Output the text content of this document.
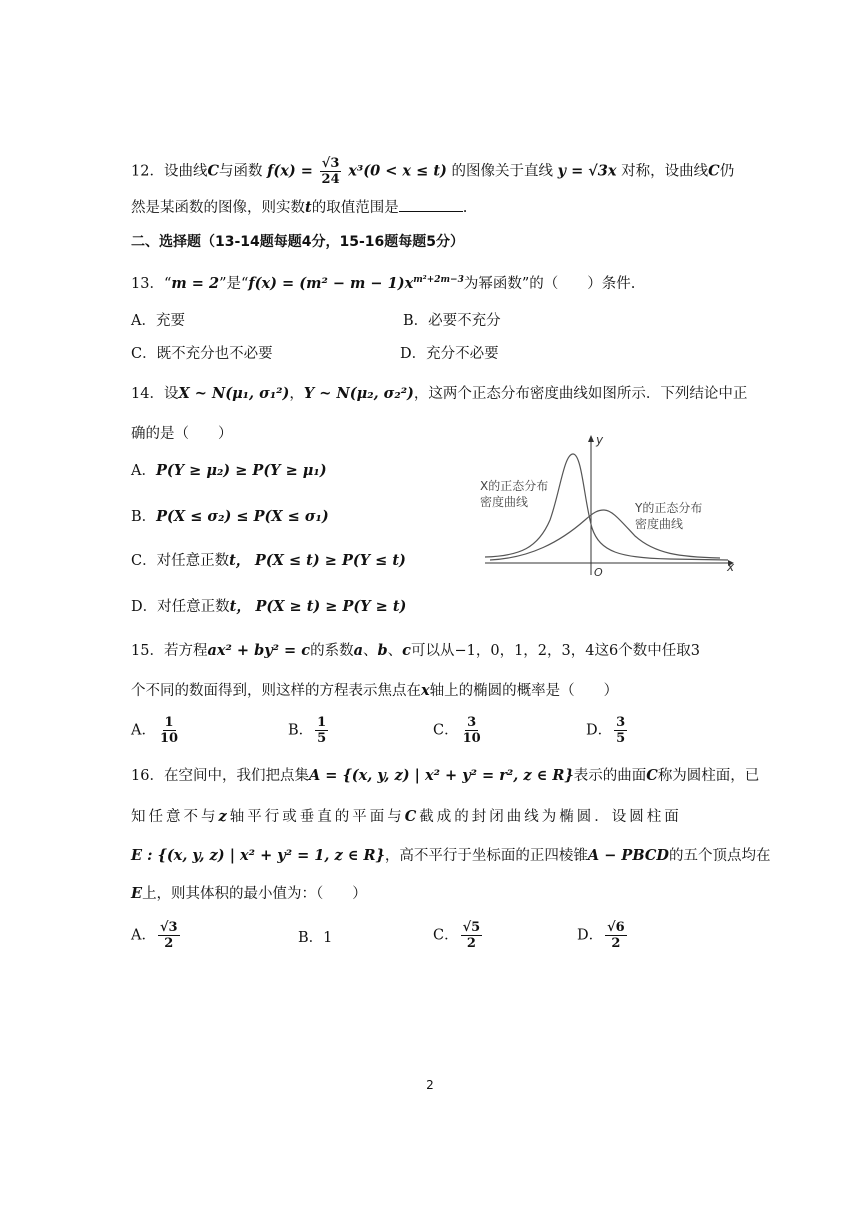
12．设曲线C与函数 $f(x) = \frac{√3}{24} x^3(0 < x \le t)$ 的图像关于直线 y = √3x 对称，设曲线C仍
然是某函数的图像，则实数t的取值范围是	.
二、选择题（13-14题每题4分，15-16题每题5分）
13．“m = 2”是“$f(x) = (m^2 - m - 1)x^{m^2+2m-3}$为幂函数”的（　　）条件.
A．充要	B．必要不充分
C．既不充分也不必要	D．充分不必要
14．设X ~ N(μ₁, σ₁²)，Y ~ N(μ₂, σ₂²)，这两个正态分布密度曲线如图所示．下列结论中正
确的是（　　）
A．P(Y ≥ μ₂) ≥ P(Y ≥ μ₁)
B．P(X ≤ σ₂) ≤ P(X ≤ σ₁)
C．对任意正数t， P(X ≤ t) ≥ P(Y ≤ t)
D．对任意正数t， P(X ≥ t) ≥ P(Y ≥ t)
x
y
O
X的正态分布
密度曲线	Y的正态分布
密度曲线
15．若方程ax² + by² = c的系数a、b、c可以从−1，0，1，2，3，4这6个数中任取3
个不同的数面得到，则这样的方程表示焦点在x轴上的椭圆的概率是（　　）
A． $\frac{1}{10}$	B． $\frac{1}{5}$	C． $\frac{3}{10}$	D． $\frac{3}{5}$
16．在空间中，我们把点集A = {(x, y, z) | x² + y² = r², z ∈ R}表示的曲面C称为圆柱面，已
知任意不与z轴平行或垂直的平面与C截成的封闭曲线为椭圆．设圆柱面
E : {(x, y, z) | x² + y² = 1, z ∈ R}，高不平行于坐标面的正四棱锥A − PBCD的五个顶点均在
E上，则其体积的最小值为：（　　）
A． $\frac{√3}{2}$	B．1	C． $\frac{√5}{2}$	D． $\frac{√6}{2}$
2
